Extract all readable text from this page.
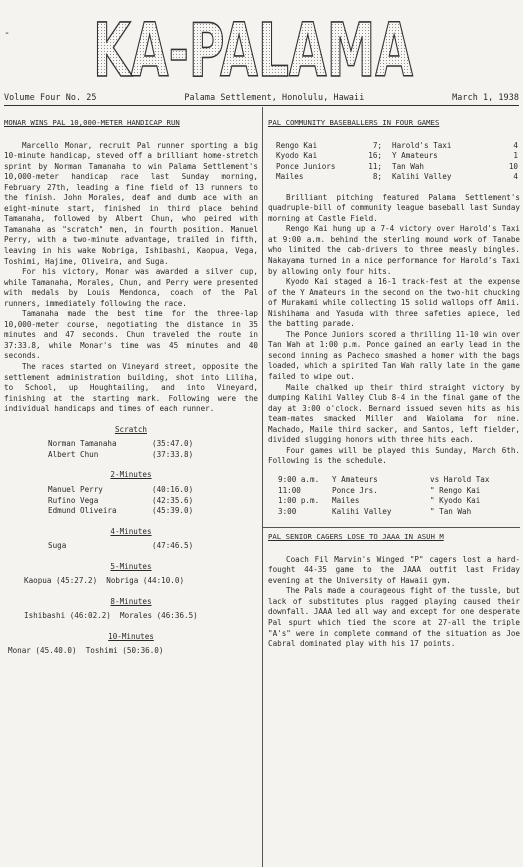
- KA-PALAMA
Volume Four No. 25	Palama Settlement, Honolulu, Hawaii	March 1, 1938
MONAR WINS PAL 10,000-METER HANDICAP RUN

Marcello Monar, recruit Pal runner sporting a big 10-minute handicap, steved off a brilliant home-stretch sprint by Norman Tamanaha to win Palama Settlement's 10,000-meter handicap race last Sunday morning, February 27th, leading a fine field of 13 runners to the finish. John Morales, deaf and dumb ace with an eight-minute start, finished in third place behind Tamanaha, followed by Albert Chun, who peired with Tamanaha as "scratch" men, in fourth position. Manuel Perry, with a two-minute advantage, trailed in fifth, leaving in his wake Nobriga, Ishibashi, Kaopua, Vega, Toshimi, Hajime, Oliveira, and Suga.

For his victory, Monar was awarded a silver cup, while Tamanaha, Morales, Chun, and Perry were presented with medals by Louis Mendonca, coach of the Pal runners, immediately following the race.

Tamanaha made the best time for the three-lap 10,000-meter course, negotiating the distance in 35 minutes and 47 seconds. Chun traveled the route in 37:33.8, while Monar's time was 45 minutes and 40 seconds.

The races started on Vineyard street, opposite the settlement administration building, shot into Liliha, to School, up Houghtailing, and into Vineyard, finishing at the starting mark. Following were the individual handicaps and times of each runner.

Scratch
Norman Tamanaha	(35:47.0)
Albert Chun	(37:33.8)
2-Minutes
Manuel Perry	(40:16.0)
Rufino Vega	(42:35.6)
Edmund Oliveira	(45:39.0)
4-Minutes
Suga	(47:46.5)
5-Minutes
Kaopua (45:27.2)  Nobriga (44:10.0)
8-Minutes
Ishibashi (46:02.2)  Morales (46:36.5)
10-Minutes
Monar (45.40.0)  Toshimi (50:36.0)
PAL COMMUNITY BASEBALLERS IN FOUR GAMES
Rengo Kai	7; Harold's Taxi	4
Kyodo Kai	16; Y Amateurs	1
Ponce Juniors	11; Tan Wah	10
Mailes	8; Kalihi Valley	4

Brilliant pitching featured Palama Settlement's quadruple-bill of community league baseball last Sunday morning at Castle Field.

Rengo Kai hung up a 7-4 victory over Harold's Taxi at 9:00 a.m. behind the sterling mound work of Tanabe who limited the cab-drivers to three measly bingles. Nakayama turned in a nice performance for Harold's Taxi by allowing only four hits.

Kyodo Kai staged a 16-1 track-fest at the expense of the Y Amateurs in the second on the two-hit chucking of Murakami while collecting 15 solid wallops off Amii. Nishihama and Yasuda with three safeties apiece, led the batting parade.

The Ponce Juniors scored a thrilling 11-10 win over Tan Wah at 1:00 p.m. Ponce gained an early lead in the second inning as Pacheco smashed a homer with the bags loaded, which a spirited Tan Wah rally late in the game failed to wipe out.

Maile chalked up their third straight victory by dumping Kalihi Valley Club 8-4 in the final game of the day at 3:00 o'clock. Bernard issued seven hits as his team-mates smacked Miller and Waiolama for nine. Machado, Maile third sacker, and Santos, left fielder, divided slugging honors with three hits each.

Four games will be played this Sunday, March 6th. Following is the schedule.

9:00 a.m.	Y Amateurs	vs Harold Tax
11:00	Ponce Jrs.	" Rengo Kai
1:00 p.m.	Mailes	" Kyodo Kai
3:00	Kalihi Valley	" Tan Wah
PAL SENIOR CAGERS LOSE TO JAAA IN ASUH M

Coach Fil Marvin's Winged "P" cagers lost a hard-fought 44-35 game to the JAAA outfit last Friday evening at the University of Hawaii gym.

The Pals made a courageous fight of the tussle, but lack of substitutes plus ragged playing caused their downfall. JAAA led all way and except for one desperate Pal spurt which tied the score at 27-all the triple "A's" were in complete command of the situation as Joe Cabral dominated play with his 17 points.
